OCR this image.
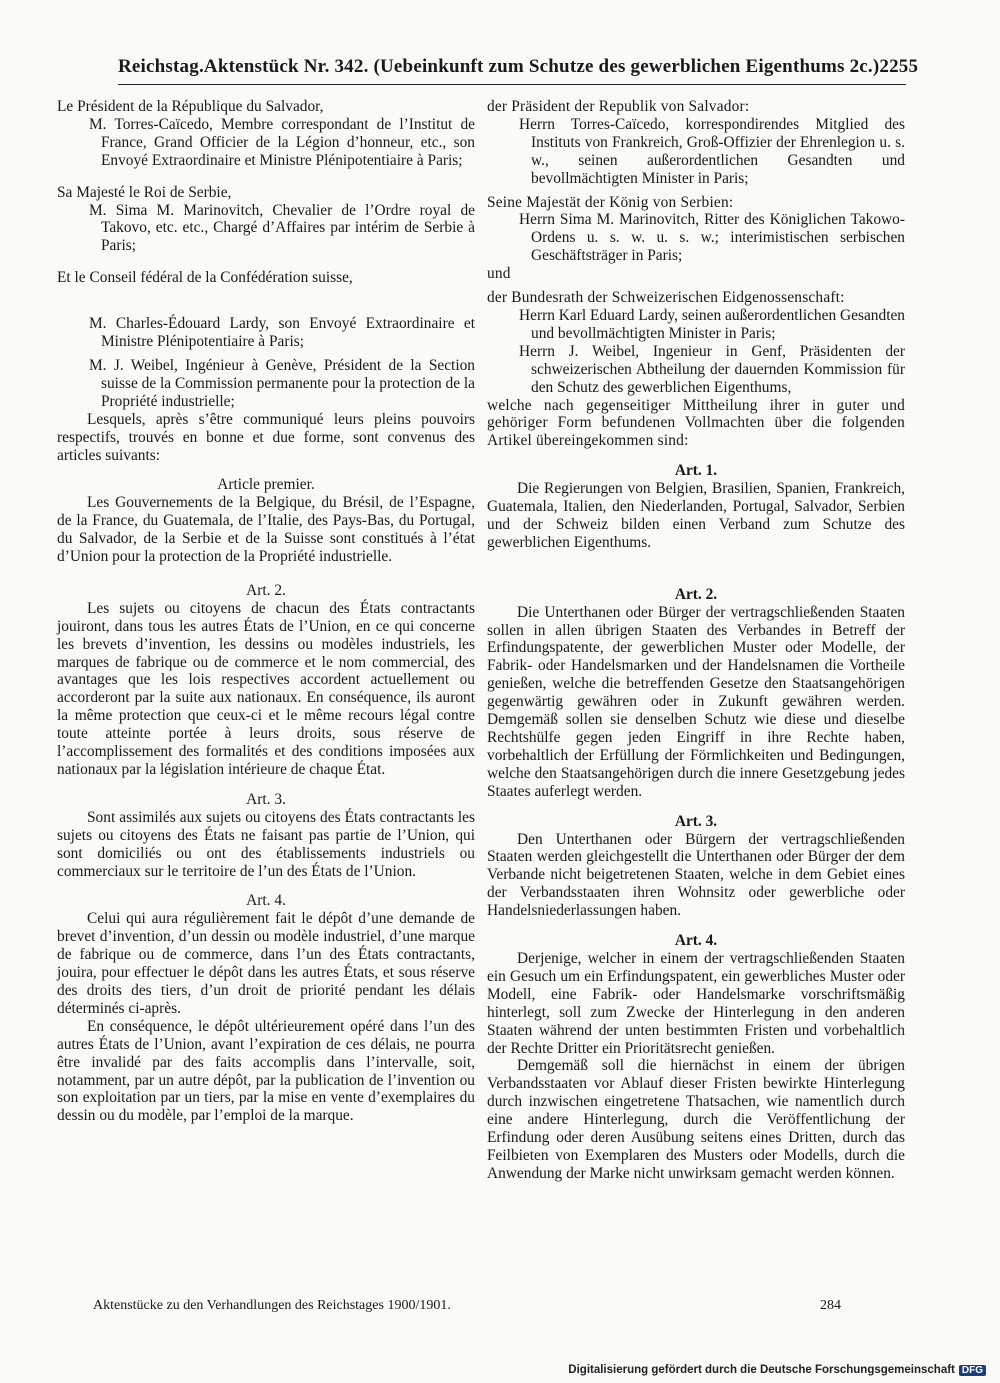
Reichstag. Aktenstück Nr. 342. (Uebeinkunft zum Schutze des gewerblichen Eigenthums 2c.) 2255

Le Président de la République du Salvador,

M. Torres-Caïcedo, Membre correspondant de l’Institut de France, Grand Officier de la Légion d’honneur, etc., son Envoyé Extraordinaire et Ministre Plénipotentiaire à Paris;

Sa Majesté le Roi de Serbie,

M. Sima M. Marinovitch, Chevalier de l’Ordre royal de Takovo, etc. etc., Chargé d’Affaires par intérim de Serbie à Paris;

Et le Conseil fédéral de la Confédération suisse,

M. Charles-Édouard Lardy, son Envoyé Extraordinaire et Ministre Plénipotentiaire à Paris;

M. J. Weibel, Ingénieur à Genève, Président de la Section suisse de la Commission permanente pour la protection de la Propriété industrielle;

Lesquels, après s’être communiqué leurs pleins pouvoirs respectifs, trouvés en bonne et due forme, sont convenus des articles suivants:

Article premier.

Les Gouvernements de la Belgique, du Brésil, de l’Espagne, de la France, du Guatemala, de l’Italie, des Pays-Bas, du Portugal, du Salvador, de la Serbie et de la Suisse sont constitués à l’état d’Union pour la protection de la Propriété industrielle.

Art. 2.

Les sujets ou citoyens de chacun des États contractants jouiront, dans tous les autres États de l’Union, en ce qui concerne les brevets d’invention, les dessins ou modèles industriels, les marques de fabrique ou de commerce et le nom commercial, des avantages que les lois respectives accordent actuellement ou accorderont par la suite aux nationaux. En conséquence, ils auront la même protection que ceux-ci et le même recours légal contre toute atteinte portée à leurs droits, sous réserve de l’accomplissement des formalités et des conditions imposées aux nationaux par la législation intérieure de chaque État.

Art. 3.

Sont assimilés aux sujets ou citoyens des États contractants les sujets ou citoyens des États ne faisant pas partie de l’Union, qui sont domiciliés ou ont des établissements industriels ou commerciaux sur le territoire de l’un des États de l’Union.

Art. 4.

Celui qui aura régulièrement fait le dépôt d’une demande de brevet d’invention, d’un dessin ou modèle industriel, d’une marque de fabrique ou de commerce, dans l’un des États contractants, jouira, pour effectuer le dépôt dans les autres États, et sous réserve des droits des tiers, d’un droit de priorité pendant les délais déterminés ci-après.

En conséquence, le dépôt ultérieurement opéré dans l’un des autres États de l’Union, avant l’expiration de ces délais, ne pourra être invalidé par des faits accomplis dans l’intervalle, soit, notamment, par un autre dépôt, par la publication de l’invention ou son exploitation par un tiers, par la mise en vente d’exemplaires du dessin ou du modèle, par l’emploi de la marque.

der Präsident der Republik von Salvador:

Herrn Torres-Caïcedo, korrespondirendes Mitglied des Instituts von Frankreich, Groß-Offizier der Ehrenlegion u. s. w., seinen außerordentlichen Gesandten und bevollmächtigten Minister in Paris;

Seine Majestät der König von Serbien:

Herrn Sima M. Marinovitch, Ritter des Königlichen Takowo-Ordens u. s. w. u. s. w.; interimistischen serbischen Geschäftsträger in Paris;

und

der Bundesrath der Schweizerischen Eidgenossenschaft:

Herrn Karl Eduard Lardy, seinen außerordentlichen Gesandten und bevollmächtigten Minister in Paris;

Herrn J. Weibel, Ingenieur in Genf, Präsidenten der schweizerischen Abtheilung der dauernden Kommission für den Schutz des gewerblichen Eigenthums,

welche nach gegenseitiger Mittheilung ihrer in guter und gehöriger Form befundenen Vollmachten über die folgenden Artikel übereingekommen sind:

Art. 1.

Die Regierungen von Belgien, Brasilien, Spanien, Frankreich, Guatemala, Italien, den Niederlanden, Portugal, Salvador, Serbien und der Schweiz bilden einen Verband zum Schutze des gewerblichen Eigenthums.

Art. 2.

Die Unterthanen oder Bürger der vertragschließenden Staaten sollen in allen übrigen Staaten des Verbandes in Betreff der Erfindungspatente, der gewerblichen Muster oder Modelle, der Fabrik- oder Handelsmarken und der Handelsnamen die Vortheile genießen, welche die betreffenden Gesetze den Staatsangehörigen gegenwärtig gewähren oder in Zukunft gewähren werden. Demgemäß sollen sie denselben Schutz wie diese und dieselbe Rechtshülfe gegen jeden Eingriff in ihre Rechte haben, vorbehaltlich der Erfüllung der Förmlichkeiten und Bedingungen, welche den Staatsangehörigen durch die innere Gesetzgebung jedes Staates auferlegt werden.

Art. 3.

Den Unterthanen oder Bürgern der vertragschließenden Staaten werden gleichgestellt die Unterthanen oder Bürger der dem Verbande nicht beigetretenen Staaten, welche in dem Gebiet eines der Verbandsstaaten ihren Wohnsitz oder gewerbliche oder Handelsniederlassungen haben.

Art. 4.

Derjenige, welcher in einem der vertragschließenden Staaten ein Gesuch um ein Erfindungspatent, ein gewerbliches Muster oder Modell, eine Fabrik- oder Handelsmarke vorschriftsmäßig hinterlegt, soll zum Zwecke der Hinterlegung in den anderen Staaten während der unten bestimmten Fristen und vorbehaltlich der Rechte Dritter ein Prioritätsrecht genießen.

Demgemäß soll die hiernächst in einem der übrigen Verbandsstaaten vor Ablauf dieser Fristen bewirkte Hinterlegung durch inzwischen eingetretene Thatsachen, wie namentlich durch eine andere Hinterlegung, durch die Veröffentlichung der Erfindung oder deren Ausübung seitens eines Dritten, durch das Feilbieten von Exemplaren des Musters oder Modells, durch die Anwendung der Marke nicht unwirksam gemacht werden können.

Aktenstücke zu den Verhandlungen des Reichstages 1900/1901.	284
Digitalisierung gefördert durch die Deutsche Forschungsgemeinschaft DFG
